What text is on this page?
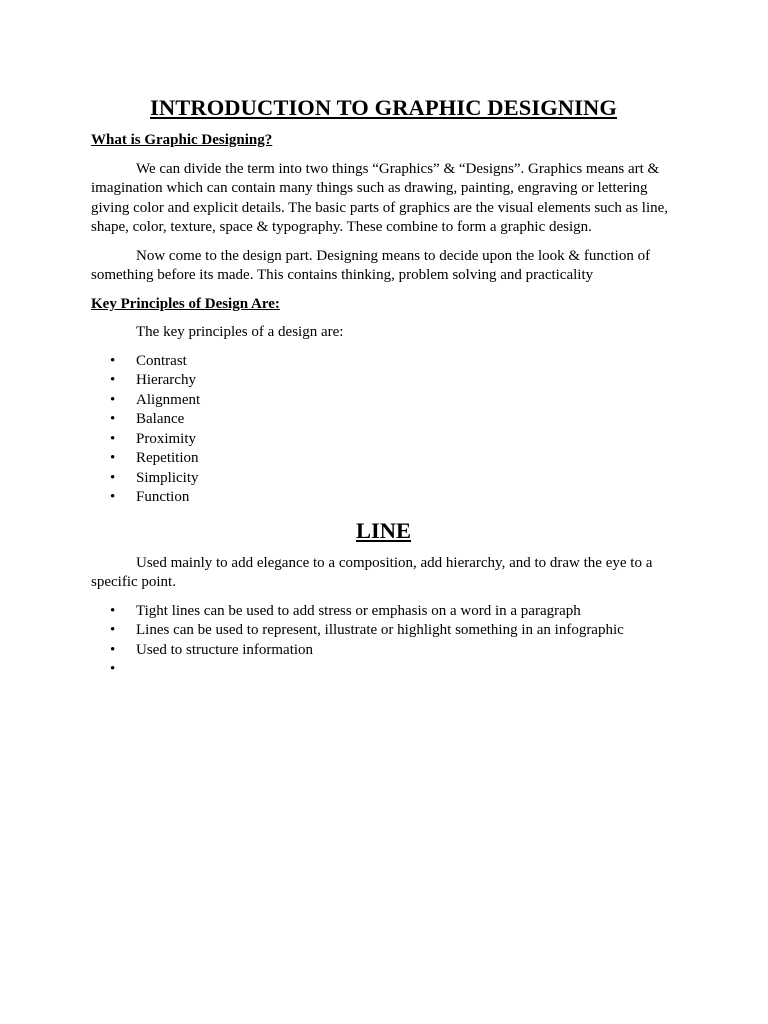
INTRODUCTION TO GRAPHIC DESIGNING
What is Graphic Designing?

We can divide the term into two things “Graphics” & “Designs”. Graphics means art & imagination which can contain many things such as drawing, painting, engraving or lettering giving color and explicit details. The basic parts of graphics are the visual elements such as line, shape, color, texture, space & typography. These combine to form a graphic design.

Now come to the design part. Designing means to decide upon the look & function of something before its made. This contains thinking, problem solving and practicality

Key Principles of Design Are:

The key principles of a design are:

• Contrast
• Hierarchy
• Alignment
• Balance
• Proximity
• Repetition
• Simplicity
• Function
LINE

Used mainly to add elegance to a composition, add hierarchy, and to draw the eye to a specific point.

• Tight lines can be used to add stress or emphasis on a word in a paragraph
• Lines can be used to represent, illustrate or highlight something in an infographic
• Used to structure information
•
